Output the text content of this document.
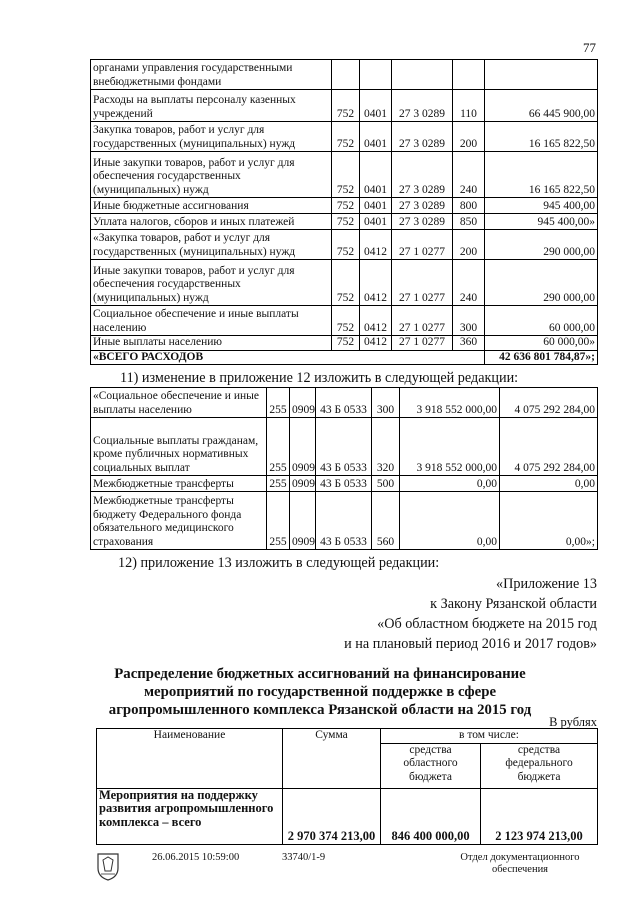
77
органами управления государственными внебюджетными фондами					
Расходы на выплаты персоналу казенных учреждений	752	0401	27 3 0289	110	66 445 900,00
Закупка товаров, работ и услуг для государственных (муниципальных) нужд	752	0401	27 3 0289	200	16 165 822,50
Иные закупки товаров, работ и услуг для обеспечения государственных (муниципальных) нужд	752	0401	27 3 0289	240	16 165 822,50
Иные бюджетные ассигнования	752	0401	27 3 0289	800	945 400,00
Уплата налогов, сборов и иных платежей	752	0401	27 3 0289	850	945 400,00»
«Закупка товаров, работ и услуг для государственных (муниципальных) нужд	752	0412	27 1 0277	200	290 000,00
Иные закупки товаров, работ и услуг для обеспечения государственных (муниципальных) нужд	752	0412	27 1 0277	240	290 000,00
Социальное обеспечение и иные выплаты населению	752	0412	27 1 0277	300	60 000,00
Иные выплаты населению	752	0412	27 1 0277	360	60 000,00»
«ВСЕГО РАСХОДОВ					42 636 801 784,87»;
11) изменение в приложение 12 изложить в следующей редакции:
«Социальное обеспечение и иные выплаты населению	255	0909	43 Б 0533	300	3 918 552 000,00	4 075 292 284,00
Социальные выплаты гражданам, кроме публичных нормативных социальных выплат	255	0909	43 Б 0533	320	3 918 552 000,00	4 075 292 284,00
Межбюджетные трансферты	255	0909	43 Б 0533	500	0,00	0,00
Межбюджетные трансферты бюджету Федерального фонда обязательного медицинского страхования	255	0909	43 Б 0533	560	0,00	0,00»;
12) приложение 13 изложить в следующей редакции:
«Приложение 13
к Закону Рязанской области
«Об областном бюджете на 2015 год
и на плановый период 2016 и 2017 годов»
Распределение бюджетных ассигнований на финансирование
мероприятий по государственной поддержке в сфере
агропромышленного комплекса Рязанской области на 2015 год
В рублях
Наименование	Сумма	в том числе:	
		средства областного бюджета	средства федерального бюджета
Мероприятия на поддержку развития агропромышленного комплекса – всего	2 970 374 213,00	846 400 000,00	2 123 974 213,00
26.06.2015 10:59:00	33740/1-9	Отдел документационного обеспечения
